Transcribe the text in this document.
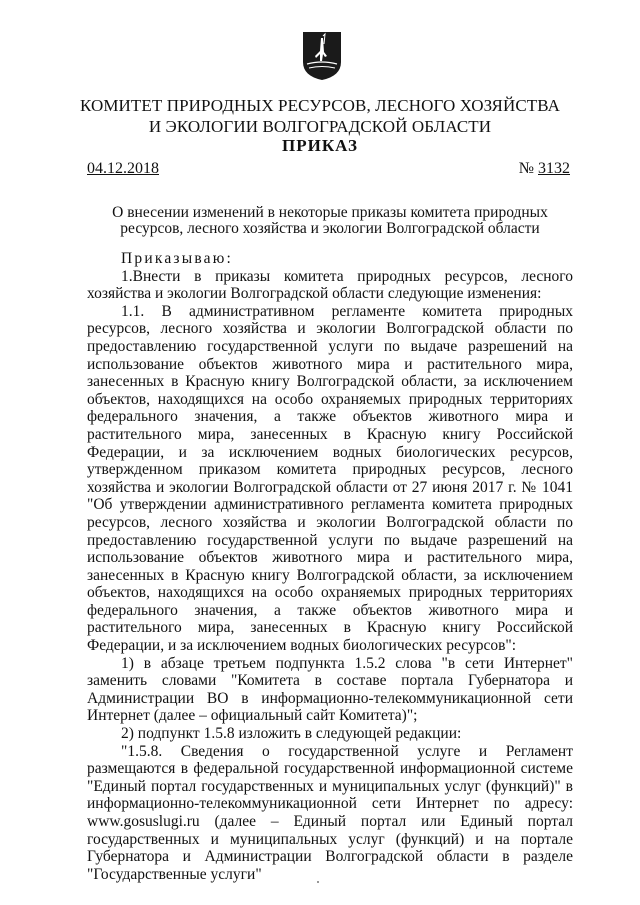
КОМИТЕТ ПРИРОДНЫХ РЕСУРСОВ, ЛЕСНОГО ХОЗЯЙСТВА
И ЭКОЛОГИИ ВОЛГОГРАДСКОЙ ОБЛАСТИ
ПРИКАЗ
04.12.2018	№ 3132
О внесении изменений в некоторые приказы комитета природных
ресурсов, лесного хозяйства и экологии Волгоградской области

Приказываю:

1.Внести в приказы комитета природных ресурсов, лесного хозяйства и экологии Волгоградской области следующие изменения:

1.1. В административном регламенте комитета природных ресурсов, лесного хозяйства и экологии Волгоградской области по предоставлению государственной услуги по выдаче разрешений на использование объектов животного мира и растительного мира, занесенных в Красную книгу Волгоградской области, за исключением объектов, находящихся на особо охраняемых природных территориях федерального значения, а также объектов животного мира и растительного мира, занесенных в Красную книгу Российской Федерации, и за исключением водных биологических ресурсов, утвержденном приказом комитета природных ресурсов, лесного хозяйства и экологии Волгоградской области от 27 июня 2017 г. № 1041 "Об утверждении административного регламента комитета природных ресурсов, лесного хозяйства и экологии Волгоградской области по предоставлению государственной услуги по выдаче разрешений на использование объектов животного мира и растительного мира, занесенных в Красную книгу Волгоградской области, за исключением объектов, находящихся на особо охраняемых природных территориях федерального значения, а также объектов животного мира и растительного мира, занесенных в Красную книгу Российской Федерации, и за исключением водных биологических ресурсов":

1) в абзаце третьем подпункта 1.5.2 слова "в сети Интернет" заменить словами "Комитета в составе портала Губернатора и Администрации ВО в информационно-телекоммуникационной сети Интернет (далее – официальный сайт Комитета)";

2) подпункт 1.5.8 изложить в следующей редакции:

"1.5.8. Сведения о государственной услуге и Регламент размещаются в федеральной государственной информационной системе "Единый портал государственных и муниципальных услуг (функций)" в информационно-телекоммуникационной сети Интернет по адресу: www.gosuslugi.ru (далее – Единый портал или Единый портал государственных и муниципальных услуг (функций) и на портале Губернатора и Администрации Волгоградской области в разделе "Государственные услуги"
